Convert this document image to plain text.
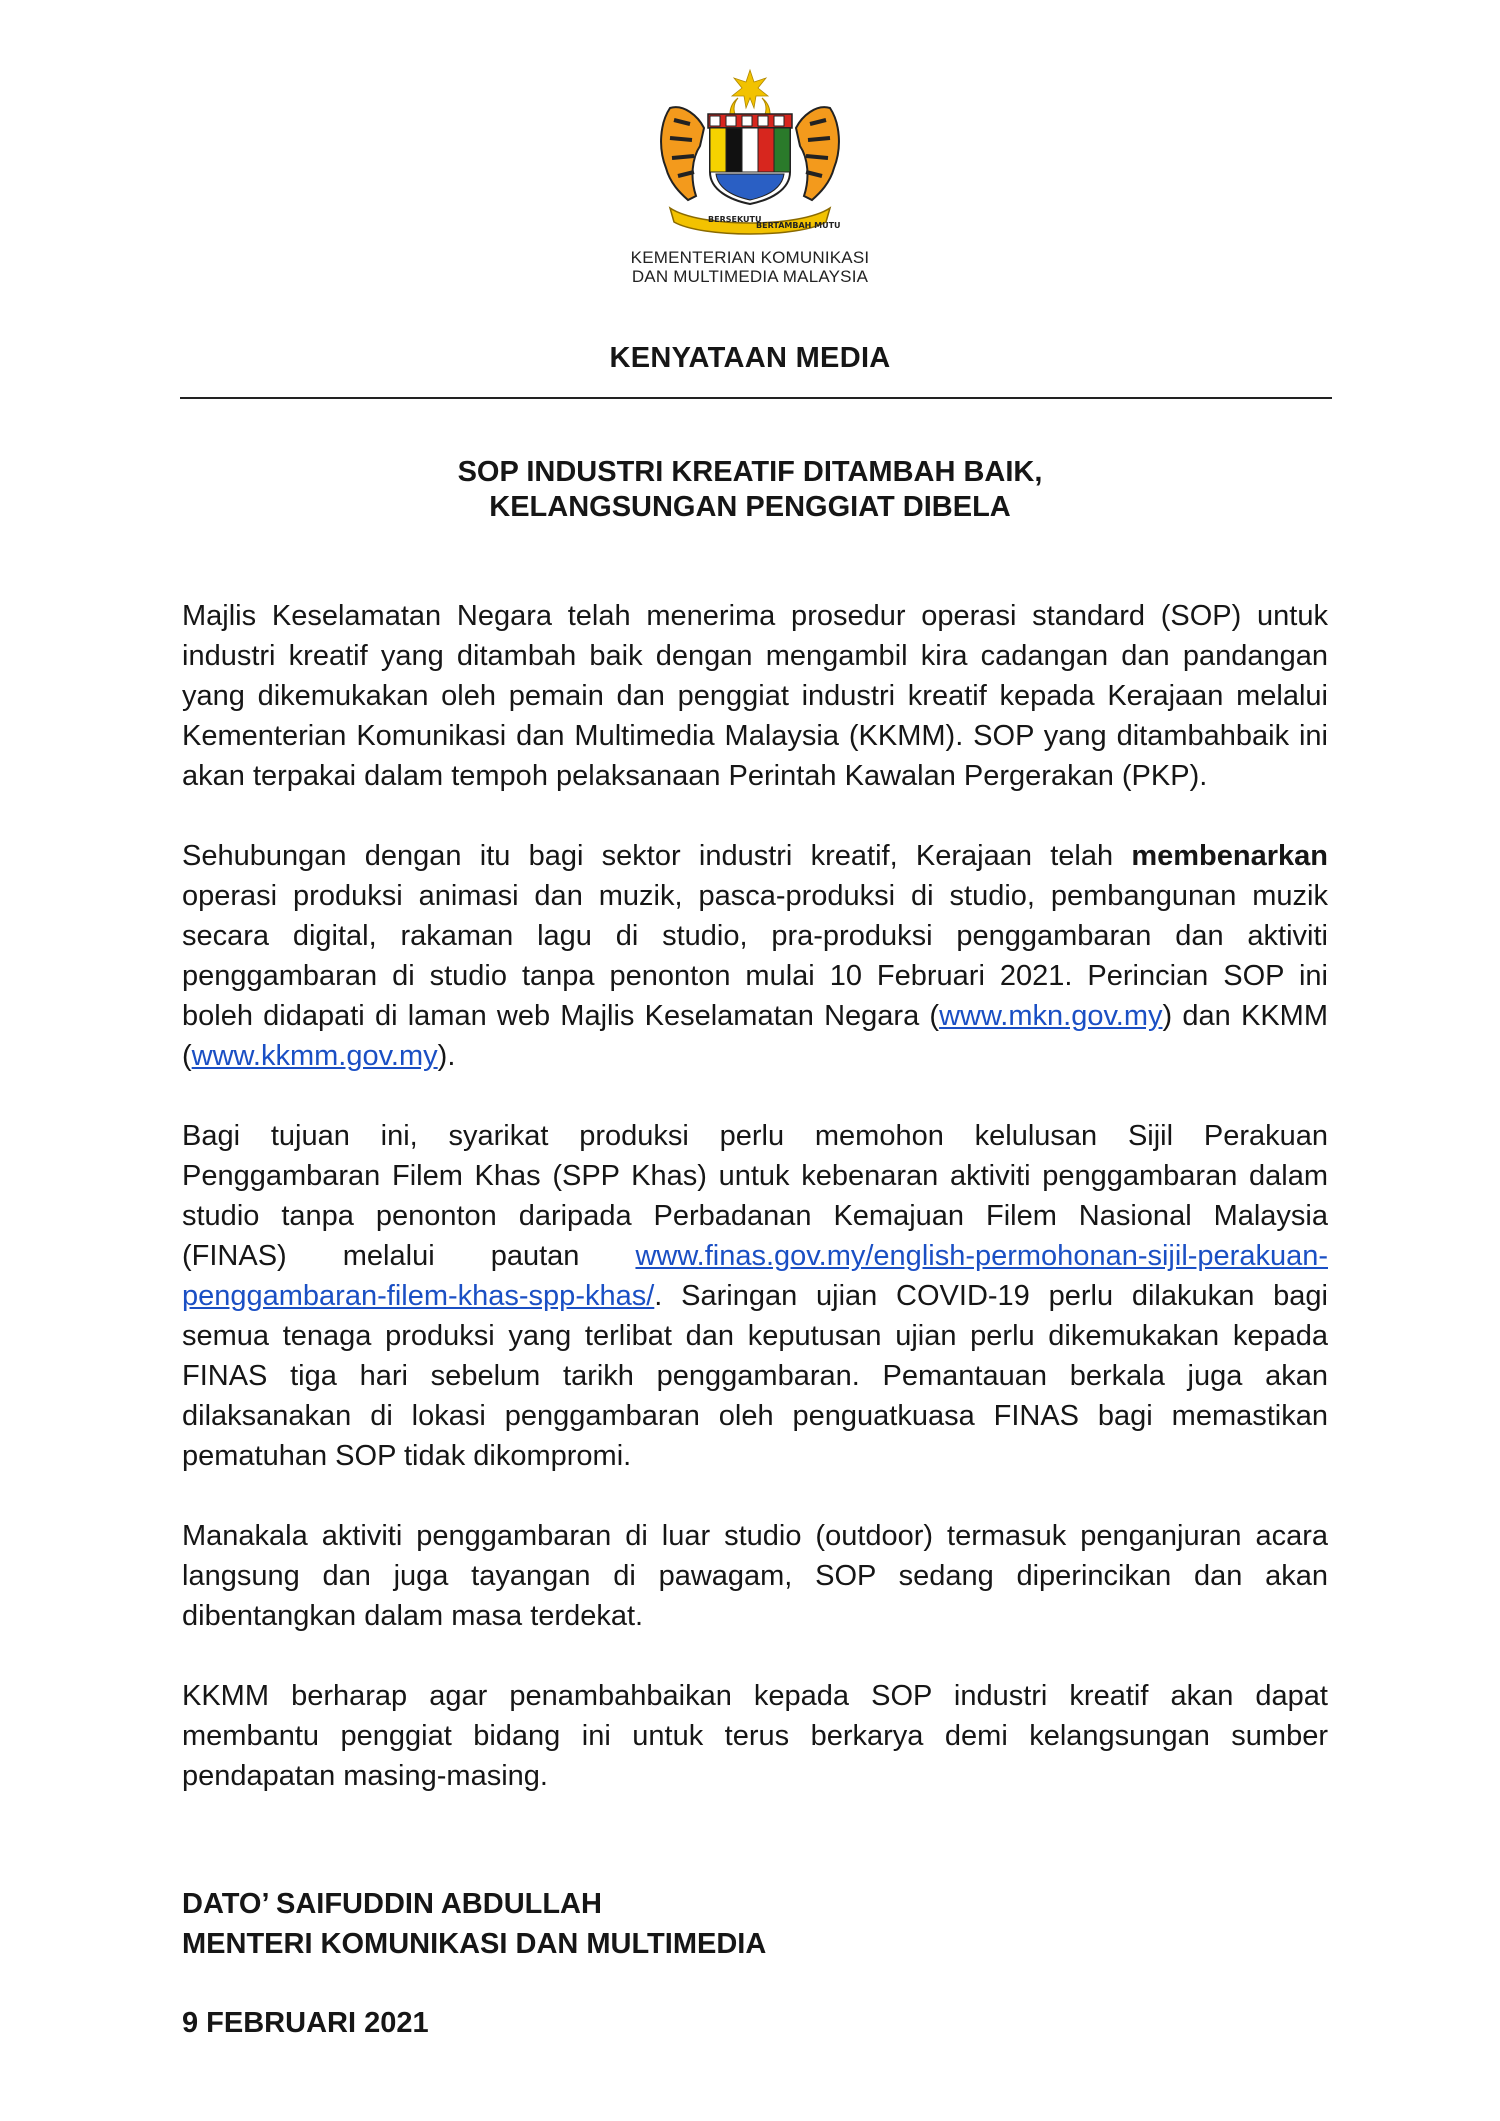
BERSEKUTU
BERTAMBAH MUTU
KEMENTERIAN KOMUNIKASI
DAN MULTIMEDIA MALAYSIA
KENYATAAN MEDIA
SOP INDUSTRI KREATIF DITAMBAH BAIK,
KELANGSUNGAN PENGGIAT DIBELA

Majlis Keselamatan Negara telah menerima prosedur operasi standard (SOP) untuk industri kreatif yang ditambah baik dengan mengambil kira cadangan dan pandangan yang dikemukakan oleh pemain dan penggiat industri kreatif kepada Kerajaan melalui Kementerian Komunikasi dan Multimedia Malaysia (KKMM). SOP yang ditambahbaik ini akan terpakai dalam tempoh pelaksanaan Perintah Kawalan Pergerakan (PKP).

Sehubungan dengan itu bagi sektor industri kreatif, Kerajaan telah membenarkan operasi produksi animasi dan muzik, pasca-produksi di studio, pembangunan muzik secara digital, rakaman lagu di studio, pra-produksi penggambaran dan aktiviti penggambaran di studio tanpa penonton mulai 10 Februari 2021. Perincian SOP ini boleh didapati di laman web Majlis Keselamatan Negara (www.mkn.gov.my) dan KKMM (www.kkmm.gov.my).

Bagi tujuan ini, syarikat produksi perlu memohon kelulusan Sijil Perakuan Penggambaran Filem Khas (SPP Khas) untuk kebenaran aktiviti penggambaran dalam studio tanpa penonton daripada Perbadanan Kemajuan Filem Nasional Malaysia (FINAS) melalui pautan www.finas.gov.my/english-permohonan-sijil-perakuan-penggambaran-filem-khas-spp-khas/. Saringan ujian COVID-19 perlu dilakukan bagi semua tenaga produksi yang terlibat dan keputusan ujian perlu dikemukakan kepada FINAS tiga hari sebelum tarikh penggambaran. Pemantauan berkala juga akan dilaksanakan di lokasi penggambaran oleh penguatkuasa FINAS bagi memastikan pematuhan SOP tidak dikompromi.

Manakala aktiviti penggambaran di luar studio (outdoor) termasuk penganjuran acara langsung dan juga tayangan di pawagam, SOP sedang diperincikan dan akan dibentangkan dalam masa terdekat.

KKMM berharap agar penambahbaikan kepada SOP industri kreatif akan dapat membantu penggiat bidang ini untuk terus berkarya demi kelangsungan sumber pendapatan masing-masing.

DATO’ SAIFUDDIN ABDULLAH
MENTERI KOMUNIKASI DAN MULTIMEDIA
9 FEBRUARI 2021
